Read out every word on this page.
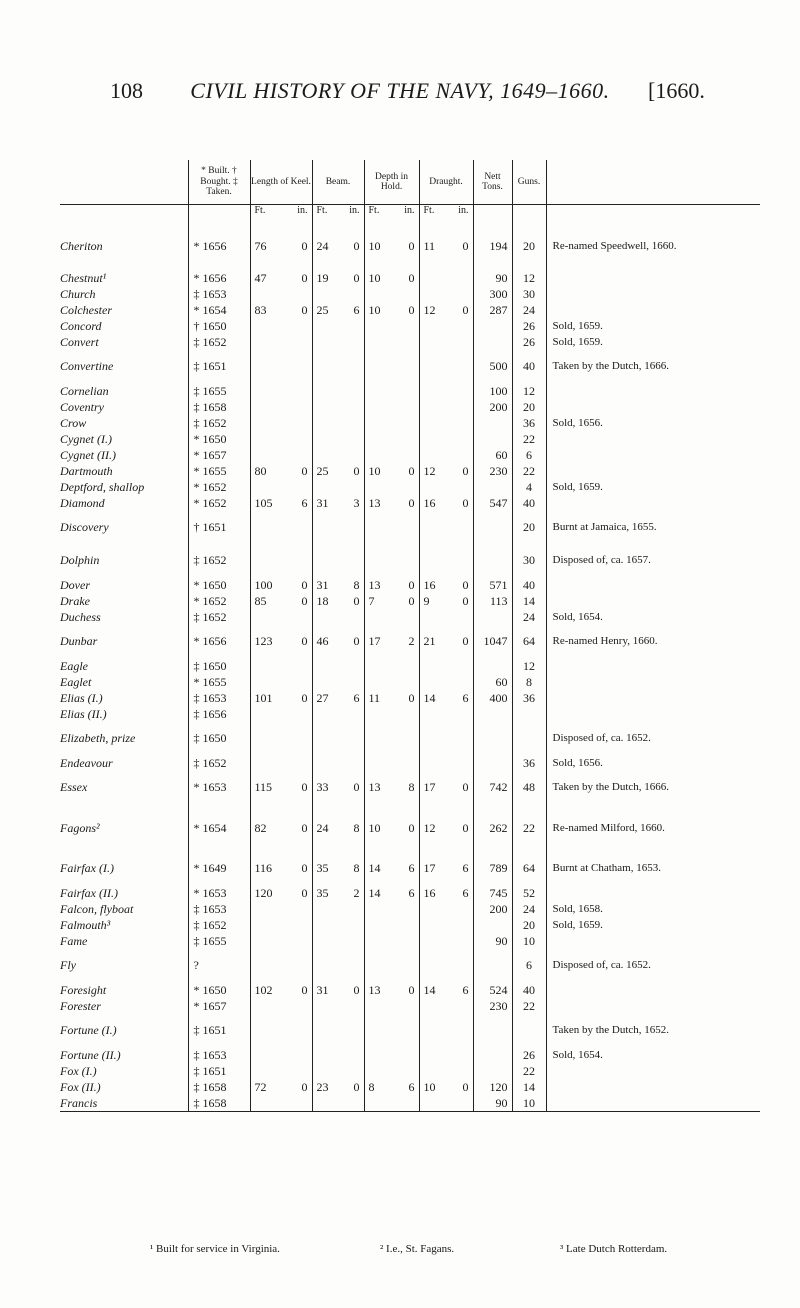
108	CIVIL HISTORY OF THE NAVY, 1649–1660.	[1660.
	* Built. † Bought. ‡ Taken.	Length of Keel.	Beam.	Depth in Hold.	Draught.	Nett Tons.	Guns.	

		Ft. in.	Ft. in.	Ft. in.	Ft. in.			

Cheriton	* 1656	76 0	24 0	10 0	11 0	194	20	Re-named Speedwell, 1660.
Chestnut¹	* 1656	47 0	19 0	10 0		90	12	
Church	‡ 1653					300	30	
Colchester	* 1654	83 0	25 6	10 0	12 0	287	24	
Concord	† 1650						26	Sold, 1659.
Convert	‡ 1652						26	Sold, 1659.
Convertine	‡ 1651					500	40	Taken by the Dutch, 1666.
Cornelian	‡ 1655					100	12	
Coventry	‡ 1658					200	20	
Crow	‡ 1652						36	Sold, 1656.
Cygnet (I.)	* 1650						22	
Cygnet (II.)	* 1657					60	6	
Dartmouth	* 1655	80 0	25 0	10 0	12 0	230	22	
Deptford, shallop	* 1652						4	Sold, 1659.
Diamond	* 1652	105 6	31 3	13 0	16 0	547	40	
Discovery	† 1651						20	Burnt at Jamaica, 1655.
Dolphin	‡ 1652						30	Disposed of, ca. 1657.
Dover	* 1650	100 0	31 8	13 0	16 0	571	40	
Drake	* 1652	85 0	18 0	7 0	9 0	113	14	
Duchess	‡ 1652						24	Sold, 1654.
Dunbar	* 1656	123 0	46 0	17 2	21 0	1047	64	Re-named Henry, 1660.
Eagle	‡ 1650						12	
Eaglet	* 1655					60	8	
Elias (I.)	‡ 1653	101 0	27 6	11 0	14 6	400	36	
Elias (II.)	‡ 1656	

Elizabeth, prize	‡ 1650							Disposed of, ca. 1652.
Endeavour	‡ 1652						36	Sold, 1656.
Essex	* 1653	115 0	33 0	13 8	17 0	742	48	Taken by the Dutch, 1666.
Fagons²	* 1654	82 0	24 8	10 0	12 0	262	22	Re-named Milford, 1660.
Fairfax (I.)	* 1649	116 0	35 8	14 6	17 6	789	64	Burnt at Chatham, 1653.
Fairfax (II.)	* 1653	120 0	35 2	14 6	16 6	745	52	
Falcon, flyboat	‡ 1653					200	24	Sold, 1658.
Falmouth³	‡ 1652						20	Sold, 1659.
Fame	‡ 1655					90	10	
Fly	?						6	Disposed of, ca. 1652.
Foresight	* 1650	102 0	31 0	13 0	14 6	524	40	
Forester	* 1657					230	22	
Fortune (I.)	‡ 1651							Taken by the Dutch, 1652.
Fortune (II.)	‡ 1653						26	Sold, 1654.
Fox (I.)	‡ 1651						22	
Fox (II.)	‡ 1658	72 0	23 0	8 6	10 0	120	14	
Francis	‡ 1658					90	10	
¹ Built for service in Virginia.	² I.e., St. Fagans.	³ Late Dutch Rotterdam.
